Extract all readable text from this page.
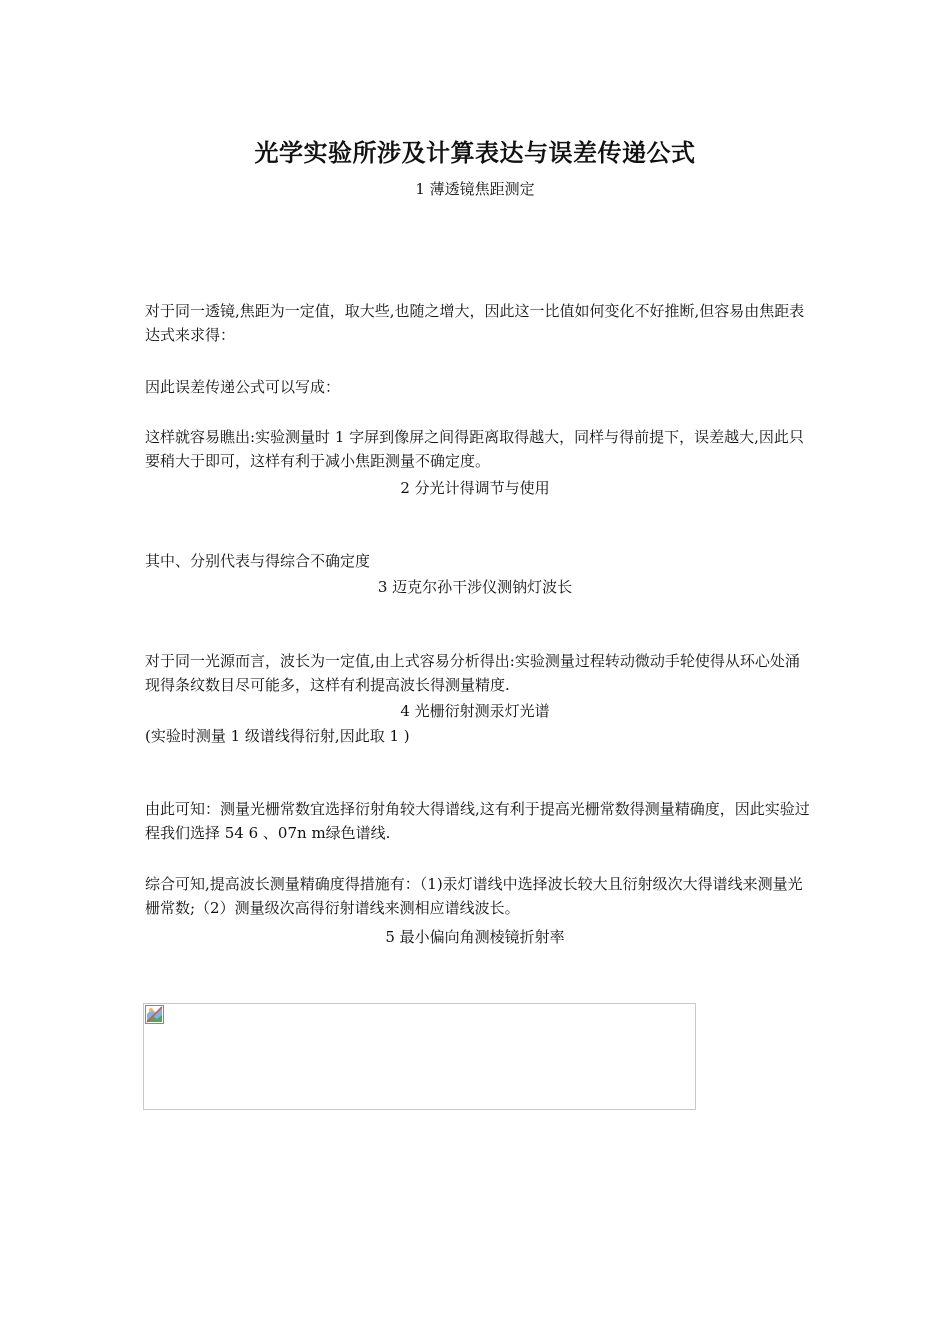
光学实验所涉及计算表达与误差传递公式
1 薄透镜焦距测定
对于同一透镜,焦距为一定值，取大些,也随之增大，因此这一比值如何变化不好推断,但容易由焦距表达式来求得：
因此误差传递公式可以写成：
这样就容易瞧出:实验测量时 1 字屏到像屏之间得距离取得越大，同样与得前提下，误差越大,因此只要稍大于即可，这样有利于减小焦距测量不确定度。
2 分光计得调节与使用
其中、分别代表与得综合不确定度
3 迈克尔孙干涉仪测钠灯波长
对于同一光源而言，波长为一定值,由上式容易分析得出:实验测量过程转动微动手轮使得从环心处涌现得条纹数目尽可能多，这样有利提高波长得测量精度.
4 光栅衍射测汞灯光谱
(实验时测量 1 级谱线得衍射,因此取 1 )
由此可知：测量光栅常数宜选择衍射角较大得谱线,这有利于提高光栅常数得测量精确度，因此实验过程我们选择 54 6 、07n m绿色谱线.
综合可知,提高波长测量精确度得措施有：（1)汞灯谱线中选择波长较大且衍射级次大得谱线来测量光栅常数;（2）测量级次高得衍射谱线来测相应谱线波长。
5 最小偏向角测棱镜折射率
